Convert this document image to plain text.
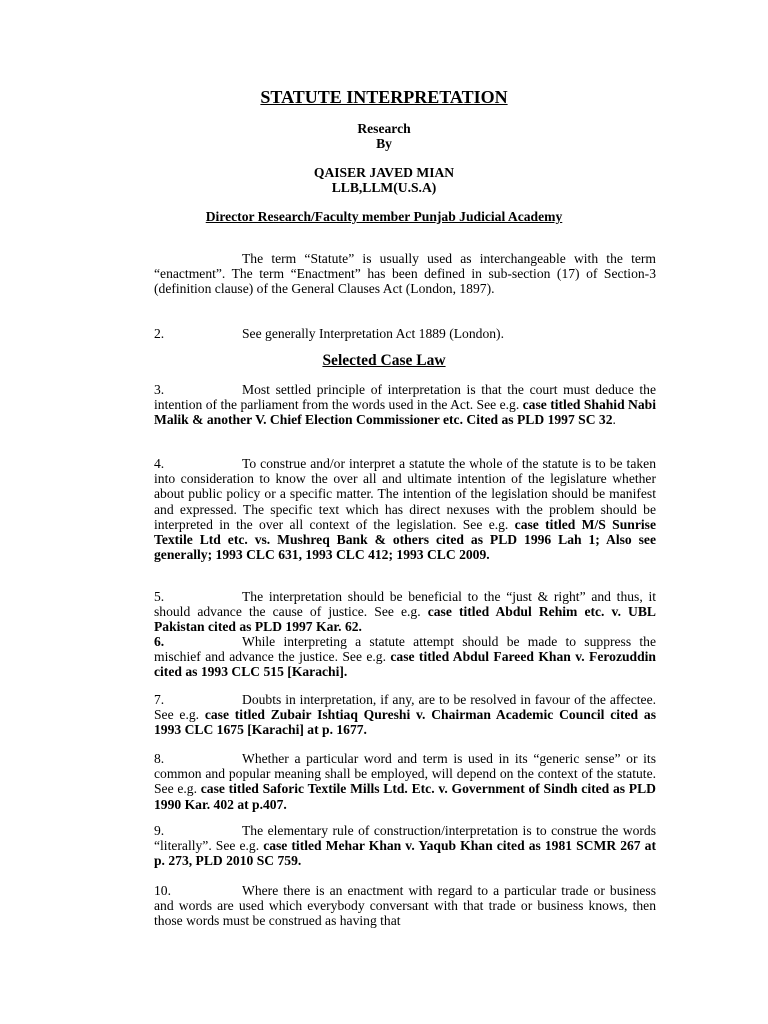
STATUTE INTERPRETATION
Research
By
QAISER JAVED MIAN
LLB,LLM(U.S.A)
Director Research/Faculty member Punjab Judicial Academy
The term “Statute” is usually used as interchangeable with the term “enactment”. The term “Enactment” has been defined in sub-section (17) of Section-3 (definition clause) of the General Clauses Act (London, 1897).
2.	See generally Interpretation Act 1889 (London).
Selected Case Law
3.	Most settled principle of interpretation is that the court must deduce the intention of the parliament from the words used in the Act. See e.g. case titled Shahid Nabi Malik & another V. Chief Election Commissioner etc. Cited as PLD 1997 SC 32.
4.	To construe and/or interpret a statute the whole of the statute is to be taken into consideration to know the over all and ultimate intention of the legislature whether about public policy or a specific matter. The intention of the legislation should be manifest and expressed. The specific text which has direct nexuses with the problem should be interpreted in the over all context of the legislation. See e.g. case titled M/S Sunrise Textile Ltd etc. vs. Mushreq Bank & others cited as PLD 1996 Lah 1; Also see generally; 1993 CLC 631, 1993 CLC 412; 1993 CLC 2009.
5.	The interpretation should be beneficial to the “just & right” and thus, it should advance the cause of justice. See e.g. case titled Abdul Rehim etc. v. UBL Pakistan cited as PLD 1997 Kar. 62.
6.	While interpreting a statute attempt should be made to suppress the mischief and advance the justice. See e.g. case titled Abdul Fareed Khan v. Ferozuddin cited as 1993 CLC 515 [Karachi].
7.	Doubts in interpretation, if any, are to be resolved in favour of the affectee. See e.g. case titled Zubair Ishtiaq Qureshi v. Chairman Academic Council cited as 1993 CLC 1675 [Karachi] at p. 1677.
8.	Whether a particular word and term is used in its “generic sense” or its common and popular meaning shall be employed, will depend on the context of the statute. See e.g. case titled Saforic Textile Mills Ltd. Etc. v. Government of Sindh cited as PLD 1990 Kar. 402 at p.407.
9.	The elementary rule of construction/interpretation is to construe the words “literally”. See e.g. case titled Mehar Khan v. Yaqub Khan cited as 1981 SCMR 267 at p. 273, PLD 2010 SC 759.
10.	Where there is an enactment with regard to a particular trade or business and words are used which everybody conversant with that trade or business knows, then those words must be construed as having that
